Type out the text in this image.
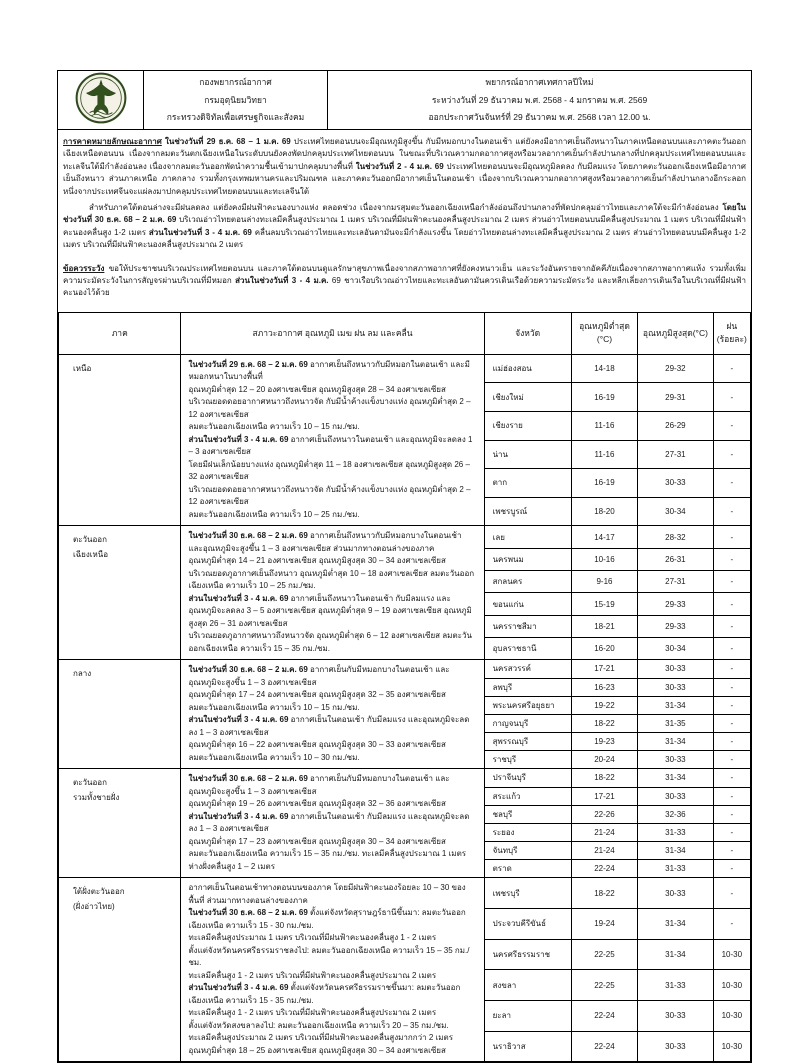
กองพยากรณ์อากาศ
กรมอุตุนิยมวิทยา
กระทรวงดิจิทัลเพื่อเศรษฐกิจและสังคม
พยากรณ์อากาศเทศกาลปีใหม่
ระหว่างวันที่ 29 ธันวาคม พ.ศ. 2568 - 4 มกราคม พ.ศ. 2569
ออกประกาศวันจันทร์ที่ 29 ธันวาคม พ.ศ. 2568 เวลา 12.00 น.
การคาดหมายลักษณะอากาศ ในช่วงวันที่ 29 ธ.ค. 68 – 1 ม.ค. 69 ประเทศไทยตอนบนจะมีอุณหภูมิสูงขึ้น กับมีหมอกบางในตอนเช้า แต่ยังคงมีอากาศเย็นถึงหนาวในภาคเหนือตอนบนและภาคตะวันออกเฉียงเหนือตอนบน เนื่องจากลมตะวันตกเฉียงเหนือในระดับบนยังคงพัดปกคลุมประเทศไทยตอนบน ในขณะที่บริเวณความกดอากาศสูงหรือมวลอากาศเย็นกำลังปานกลางที่ปกคลุมประเทศไทยตอนบนและทะเลจีนใต้มีกำลังอ่อนลง เนื่องจากลมตะวันออกพัดนำความชื้นเข้ามาปกคลุมบางพื้นที่ ในช่วงวันที่ 2 - 4 ม.ค. 69 ประเทศไทยตอนบนจะมีอุณหภูมิลดลง กับมีลมแรง โดยภาคตะวันออกเฉียงเหนือมีอากาศเย็นถึงหนาว ส่วนภาคเหนือ ภาคกลาง รวมทั้งกรุงเทพมหานครและปริมณฑล และภาคตะวันออกมีอากาศเย็นในตอนเช้า เนื่องจากบริเวณความกดอากาศสูงหรือมวลอากาศเย็นกำลังปานกลางอีกระลอกหนึ่งจากประเทศจีนจะแผ่ลงมาปกคลุมประเทศไทยตอนบนและทะเลจีนใต้
สำหรับภาคใต้ตอนล่างจะมีฝนลดลง แต่ยังคงมีฝนฟ้าคะนองบางแห่ง ตลอดช่วง เนื่องจากมรสุมตะวันออกเฉียงเหนือกำลังอ่อนถึงปานกลางที่พัดปกคลุมอ่าวไทยและภาคใต้จะมีกำลังอ่อนลง โดยในช่วงวันที่ 30 ธ.ค. 68 – 2 ม.ค. 69 บริเวณอ่าวไทยตอนล่างทะเลมีคลื่นสูงประมาณ 1 เมตร บริเวณที่มีฝนฟ้าคะนองคลื่นสูงประมาณ 2 เมตร ส่วนอ่าวไทยตอนบนมีคลื่นสูงประมาณ 1 เมตร บริเวณที่มีฝนฟ้าคะนองคลื่นสูง 1-2 เมตร ส่วนในช่วงวันที่ 3 - 4 ม.ค. 69 คลื่นลมบริเวณอ่าวไทยและทะเลอันดามันจะมีกำลังแรงขึ้น โดยอ่าวไทยตอนล่างทะเลมีคลื่นสูงประมาณ 2 เมตร ส่วนอ่าวไทยตอนบนมีคลื่นสูง 1-2 เมตร บริเวณที่มีฝนฟ้าคะนองคลื่นสูงประมาณ 2 เมตร
ข้อควรระวัง ขอให้ประชาชนบริเวณประเทศไทยตอนบน และภาคใต้ตอนบนดูแลรักษาสุขภาพเนื่องจากสภาพอากาศที่ยังคงหนาวเย็น และระวังอันตรายจากอัคคีภัยเนื่องจากสภาพอากาศแห้ง รวมทั้งเพิ่มความระมัดระวังในการสัญจรผ่านบริเวณที่มีหมอก ส่วนในช่วงวันที่ 3 - 4 ม.ค. 69 ชาวเรือบริเวณอ่าวไทยและทะเลอันดามันควรเดินเรือด้วยความระมัดระวัง และหลีกเลี่ยงการเดินเรือในบริเวณที่มีฝนฟ้าคะนองไว้ด้วย
ภาค	สภาวะอากาศ อุณหภูมิ เมฆ ฝน ลม และคลื่น	จังหวัด

อุณหภูมิต่ำสุด
(°C)

อุณหภูมิสูงสุด(°C)

ฝน
(ร้อยละ)

เหนือ	ในช่วงวันที่ 29 ธ.ค. 68 – 2 ม.ค. 69 อากาศเย็นถึงหนาวกับมีหมอกในตอนเช้า และมีหมอกหนาในบางพื้นที่
อุณหภูมิต่ำสุด 12 – 20 องศาเซลเซียส อุณหภูมิสูงสุด 28 – 34 องศาเซลเซียส
บริเวณยอดดอยอากาศหนาวถึงหนาวจัด กับมีน้ำค้างแข็งบางแห่ง อุณหภูมิต่ำสุด 2 – 12 องศาเซลเซียส
ลมตะวันออกเฉียงเหนือ ความเร็ว 10 – 15 กม./ชม.
ส่วนในช่วงวันที่ 3 - 4 ม.ค. 69 อากาศเย็นถึงหนาวในตอนเช้า และอุณหภูมิจะลดลง 1 – 3 องศาเซลเซียส
โดยมีฝนเล็กน้อยบางแห่ง อุณหภูมิต่ำสุด 11 – 18 องศาเซลเซียส อุณหภูมิสูงสุด 26 – 32 องศาเซลเซียส
บริเวณยอดดอยอากาศหนาวถึงหนาวจัด กับมีน้ำค้างแข็งบางแห่ง อุณหภูมิต่ำสุด 2 – 12 องศาเซลเซียส
ลมตะวันออกเฉียงเหนือ ความเร็ว 10 – 25 กม./ชม.
	แม่ฮ่องสอน	14-18	29-32	-
		เชียงใหม่	16-19	29-31	-
		เชียงราย	11-16	26-29	-
		น่าน	11-16	27-31	-
		ตาก	16-19	30-33	-
		เพชรบูรณ์	18-20	30-34	-

ตะวันออก
เฉียงเหนือ

ในช่วงวันที่ 30 ธ.ค. 68 – 2 ม.ค. 69 อากาศเย็นถึงหนาวกับมีหมอกบางในตอนเช้า
และอุณหภูมิจะสูงขึ้น 1 – 3 องศาเซลเซียส ส่วนมากทางตอนล่างของภาค
อุณหภูมิต่ำสุด 14 – 21 องศาเซลเซียส อุณหภูมิสูงสุด 30 – 34 องศาเซลเซียส
บริเวณยอดภูอากาศเย็นถึงหนาว อุณหภูมิต่ำสุด 10 – 18 องศาเซลเซียส ลมตะวันออกเฉียงเหนือ ความเร็ว 10 – 25 กม./ชม.
ส่วนในช่วงวันที่ 3 - 4 ม.ค. 69 อากาศเย็นถึงหนาวในตอนเช้า กับมีลมแรง และอุณหภูมิจะลดลง 3 – 5 องศาเซลเซียส อุณหภูมิต่ำสุด 9 – 19 องศาเซลเซียส อุณหภูมิสูงสุด 26 – 31 องศาเซลเซียส
บริเวณยอดภูอากาศหนาวถึงหนาวจัด อุณหภูมิต่ำสุด 6 – 12 องศาเซลเซียส ลมตะวันออกเฉียงเหนือ ความเร็ว 15 – 35 กม./ชม.
	เลย	14-17	28-32	-
		นครพนม	10-16	26-31	-
		สกลนคร	9-16	27-31	-
		ขอนแก่น	15-19	29-33	-
		นครราชสีมา	18-21	29-33	-
		อุบลราชธานี	16-20	30-34	-

กลาง	ในช่วงวันที่ 30 ธ.ค. 68 – 2 ม.ค. 69 อากาศเย็นกับมีหมอกบางในตอนเช้า และอุณหภูมิจะสูงขึ้น 1 – 3 องศาเซลเซียส
อุณหภูมิต่ำสุด 17 – 24 องศาเซลเซียส อุณหภูมิสูงสุด 32 – 35 องศาเซลเซียส
ลมตะวันออกเฉียงเหนือ ความเร็ว 10 – 15 กม./ชม.
ส่วนในช่วงวันที่ 3 - 4 ม.ค. 69 อากาศเย็นในตอนเช้า กับมีลมแรง และอุณหภูมิจะลดลง 1 – 3 องศาเซลเซียส
อุณหภูมิต่ำสุด 16 – 22 องศาเซลเซียส อุณหภูมิสูงสุด 30 – 33 องศาเซลเซียส
ลมตะวันออกเฉียงเหนือ ความเร็ว 10 – 30 กม./ชม.
	นครสวรรค์	17-21	30-33	-
		ลพบุรี	16-23	30-33	-
		พระนครศรีอยุธยา	19-22	31-34	-
		กาญจนบุรี	18-22	31-35	-
		สุพรรณบุรี	19-23	31-34	-
		ราชบุรี	20-24	30-33	-

ตะวันออก
รวมทั้งชายฝั่ง

ในช่วงวันที่ 30 ธ.ค. 68 – 2 ม.ค. 69 อากาศเย็นกับมีหมอกบางในตอนเช้า และอุณหภูมิจะสูงขึ้น 1 – 3 องศาเซลเซียส
อุณหภูมิต่ำสุด 19 – 26 องศาเซลเซียส อุณหภูมิสูงสุด 32 – 36 องศาเซลเซียส
ส่วนในช่วงวันที่ 3 - 4 ม.ค. 69 อากาศเย็นในตอนเช้า กับมีลมแรง และอุณหภูมิจะลดลง 1 – 3 องศาเซลเซียส
อุณหภูมิต่ำสุด 17 – 23 องศาเซลเซียส อุณหภูมิสูงสุด 30 – 34 องศาเซลเซียส
ลมตะวันออกเฉียงเหนือ ความเร็ว 15 – 35 กม./ชม. ทะเลมีคลื่นสูงประมาณ 1 เมตร ห่างฝั่งคลื่นสูง 1 – 2 เมตร
	ปราจีนบุรี	18-22	31-34	-
		สระแก้ว	17-21	30-33	-
		ชลบุรี	22-26	32-36	-
		ระยอง	21-24	31-33	-
		จันทบุรี	21-24	31-34	-
		ตราด	22-24	31-33	-

ใต้ฝั่งตะวันออก
(ฝั่งอ่าวไทย)

อากาศเย็นในตอนเช้าทางตอนบนของภาค โดยมีฝนฟ้าคะนองร้อยละ 10 – 30 ของพื้นที่ ส่วนมากทางตอนล่างของภาค
ในช่วงวันที่ 30 ธ.ค. 68 – 2 ม.ค. 69 ตั้งแต่จังหวัดสุราษฎร์ธานีขึ้นมา: ลมตะวันออกเฉียงเหนือ ความเร็ว 15 - 30 กม./ชม.
ทะเลมีคลื่นสูงประมาณ 1 เมตร บริเวณที่มีฝนฟ้าคะนองคลื่นสูง 1 - 2 เมตร
ตั้งแต่จังหวัดนครศรีธรรมราชลงไป: ลมตะวันออกเฉียงเหนือ ความเร็ว 15 – 35 กม./ชม.
ทะเลมีคลื่นสูง 1 - 2 เมตร บริเวณที่มีฝนฟ้าคะนองคลื่นสูงประมาณ 2 เมตร
ส่วนในช่วงวันที่ 3 - 4 ม.ค. 69 ตั้งแต่จังหวัดนครศรีธรรมราชขึ้นมา: ลมตะวันออกเฉียงเหนือ ความเร็ว 15 - 35 กม./ชม.
ทะเลมีคลื่นสูง 1 - 2 เมตร บริเวณที่มีฝนฟ้าคะนองคลื่นสูงประมาณ 2 เมตร
ตั้งแต่จังหวัดสงขลาลงไป: ลมตะวันออกเฉียงเหนือ ความเร็ว 20 – 35 กม./ชม.
ทะเลมีคลื่นสูงประมาณ 2 เมตร บริเวณที่มีฝนฟ้าคะนองคลื่นสูงมากกว่า 2 เมตร
อุณหภูมิต่ำสุด 18 – 25 องศาเซลเซียส อุณหภูมิสูงสุด 30 – 34 องศาเซลเซียส
	เพชรบุรี	18-22	30-33	-
		ประจวบคีรีขันธ์	19-24	31-34	-
		นครศรีธรรมราช	22-25	31-34	10-30
		สงขลา	22-25	31-33	10-30
		ยะลา	22-24	30-33	10-30
		นราธิวาส	22-24	30-33	10-30
